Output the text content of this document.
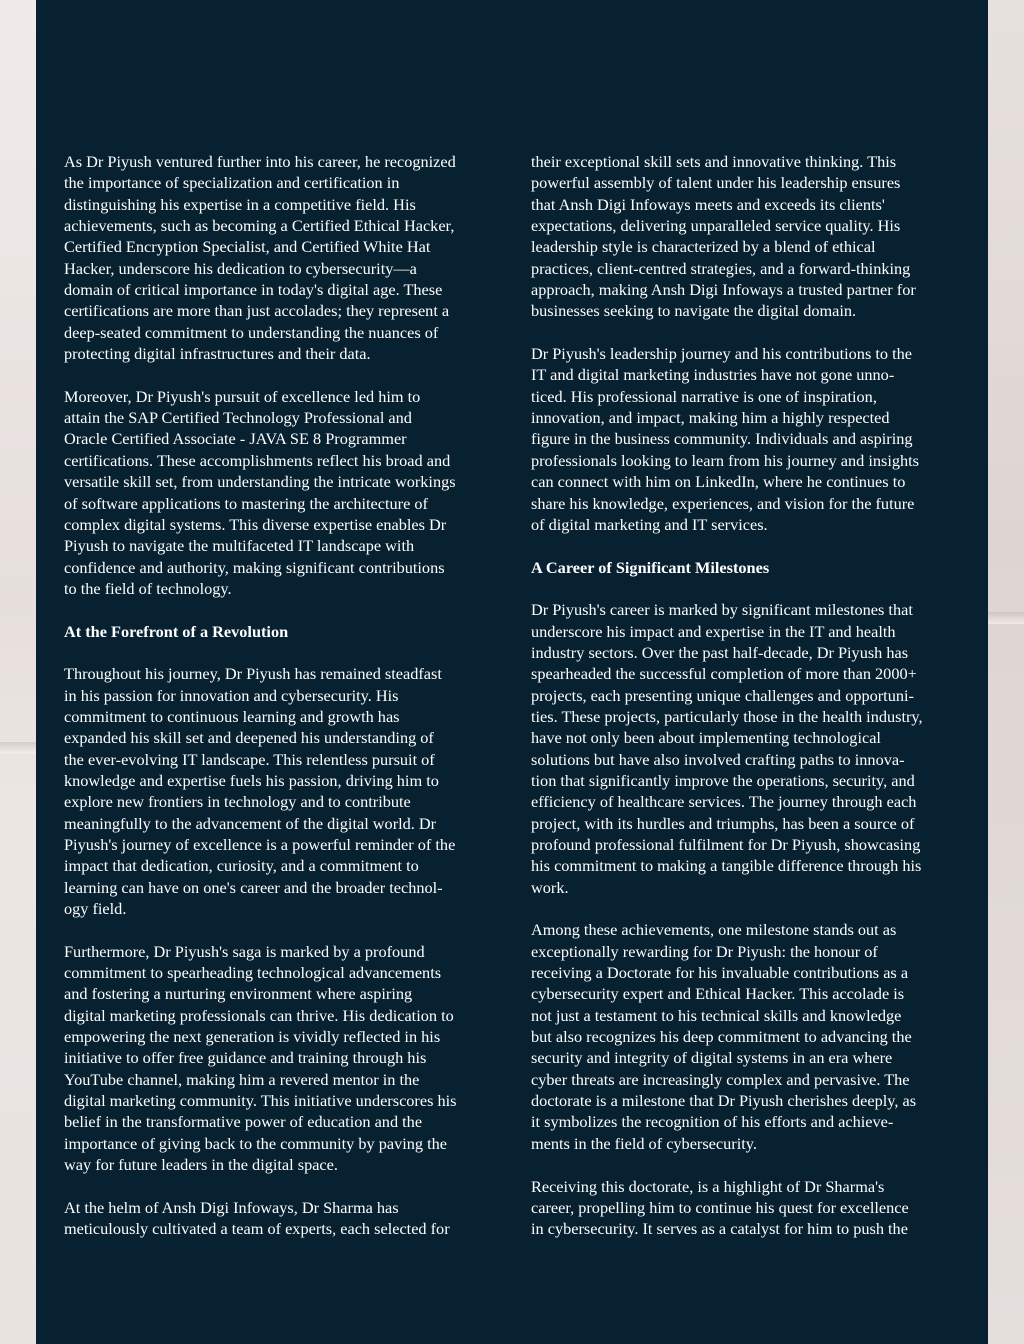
As Dr Piyush ventured further into his career, he recognized
the importance of specialization and certification in
distinguishing his expertise in a competitive field. His
achievements, such as becoming a Certified Ethical Hacker,
Certified Encryption Specialist, and Certified White Hat
Hacker, underscore his dedication to cybersecurity—a
domain of critical importance in today's digital age. These
certifications are more than just accolades; they represent a
deep-seated commitment to understanding the nuances of
protecting digital infrastructures and their data.

Moreover, Dr Piyush's pursuit of excellence led him to
attain the SAP Certified Technology Professional and
Oracle Certified Associate - JAVA SE 8 Programmer
certifications. These accomplishments reflect his broad and
versatile skill set, from understanding the intricate workings
of software applications to mastering the architecture of
complex digital systems. This diverse expertise enables Dr
Piyush to navigate the multifaceted IT landscape with
confidence and authority, making significant contributions
to the field of technology.

At the Forefront of a Revolution

Throughout his journey, Dr Piyush has remained steadfast
in his passion for innovation and cybersecurity. His
commitment to continuous learning and growth has
expanded his skill set and deepened his understanding of
the ever-evolving IT landscape. This relentless pursuit of
knowledge and expertise fuels his passion, driving him to
explore new frontiers in technology and to contribute
meaningfully to the advancement of the digital world. Dr
Piyush's journey of excellence is a powerful reminder of the
impact that dedication, curiosity, and a commitment to
learning can have on one's career and the broader technol-
ogy field.

Furthermore, Dr Piyush's saga is marked by a profound
commitment to spearheading technological advancements
and fostering a nurturing environment where aspiring
digital marketing professionals can thrive. His dedication to
empowering the next generation is vividly reflected in his
initiative to offer free guidance and training through his
YouTube channel, making him a revered mentor in the
digital marketing community. This initiative underscores his
belief in the transformative power of education and the
importance of giving back to the community by paving the
way for future leaders in the digital space.

At the helm of Ansh Digi Infoways, Dr Sharma has
meticulously cultivated a team of experts, each selected for

their exceptional skill sets and innovative thinking. This
powerful assembly of talent under his leadership ensures
that Ansh Digi Infoways meets and exceeds its clients'
expectations, delivering unparalleled service quality. His
leadership style is characterized by a blend of ethical
practices, client-centred strategies, and a forward-thinking
approach, making Ansh Digi Infoways a trusted partner for
businesses seeking to navigate the digital domain.

Dr Piyush's leadership journey and his contributions to the
IT and digital marketing industries have not gone unno-
ticed. His professional narrative is one of inspiration,
innovation, and impact, making him a highly respected
figure in the business community. Individuals and aspiring
professionals looking to learn from his journey and insights
can connect with him on LinkedIn, where he continues to
share his knowledge, experiences, and vision for the future
of digital marketing and IT services.

A Career of Significant Milestones

Dr Piyush's career is marked by significant milestones that
underscore his impact and expertise in the IT and health
industry sectors. Over the past half-decade, Dr Piyush has
spearheaded the successful completion of more than 2000+
projects, each presenting unique challenges and opportuni-
ties. These projects, particularly those in the health industry,
have not only been about implementing technological
solutions but have also involved crafting paths to innova-
tion that significantly improve the operations, security, and
efficiency of healthcare services. The journey through each
project, with its hurdles and triumphs, has been a source of
profound professional fulfilment for Dr Piyush, showcasing
his commitment to making a tangible difference through his
work.

Among these achievements, one milestone stands out as
exceptionally rewarding for Dr Piyush: the honour of
receiving a Doctorate for his invaluable contributions as a
cybersecurity expert and Ethical Hacker. This accolade is
not just a testament to his technical skills and knowledge
but also recognizes his deep commitment to advancing the
security and integrity of digital systems in an era where
cyber threats are increasingly complex and pervasive. The
doctorate is a milestone that Dr Piyush cherishes deeply, as
it symbolizes the recognition of his efforts and achieve-
ments in the field of cybersecurity.

Receiving this doctorate, is a highlight of Dr Sharma's
career, propelling him to continue his quest for excellence
in cybersecurity. It serves as a catalyst for him to push the
